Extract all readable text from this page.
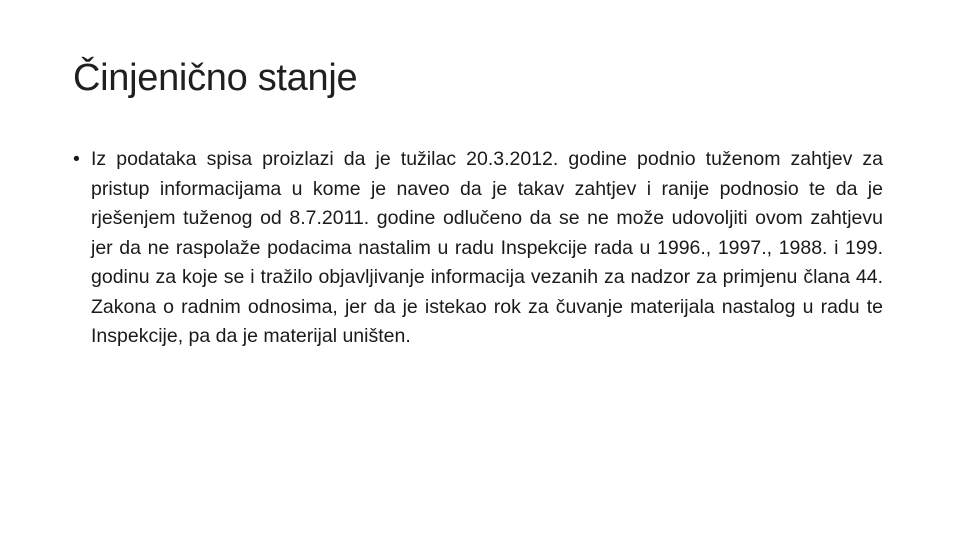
Činjenično stanje
• Iz podataka spisa proizlazi da je tužilac 20.3.2012. godine podnio tuženom zahtjev za pristup informacijama u kome je naveo da je takav zahtjev i ranije podnosio te da je rješenjem tuženog od 8.7.2011. godine odlučeno da se ne može udovoljiti ovom zahtjevu jer da ne raspolaže podacima nastalim u radu Inspekcije rada u 1996., 1997., 1988. i 199. godinu za koje se i tražilo objavljivanje informacija vezanih za nadzor za primjenu člana 44. Zakona o radnim odnosima, jer da je istekao rok za čuvanje materijala nastalog u radu te Inspekcije, pa da je materijal uništen.
